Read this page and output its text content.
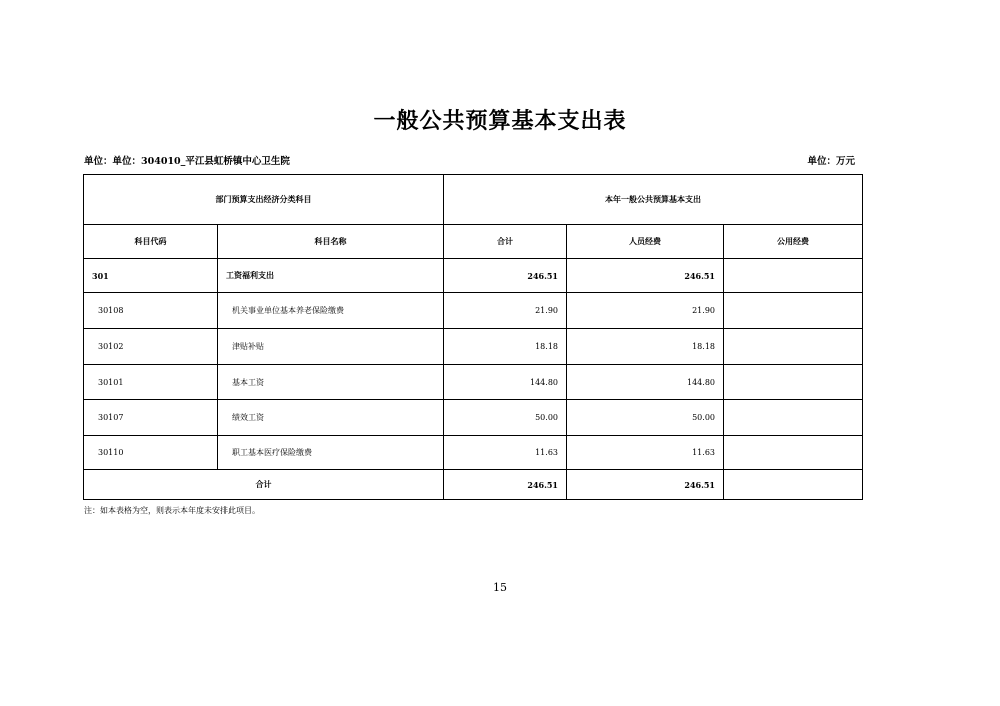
一般公共预算基本支出表
单位：单位：304010_平江县虹桥镇中心卫生院	单位：万元
部门预算支出经济分类科目		本年一般公共预算基本支出		
科目代码	科目名称	合计	人员经费	公用经费
301	工资福利支出	246.51	246.51	
30108	机关事业单位基本养老保险缴费	21.90	21.90	
30102	津贴补贴	18.18	18.18	
30101	基本工资	144.80	144.80	
30107	绩效工资	50.00	50.00	
30110	职工基本医疗保险缴费	11.63	11.63	
合计		246.51	246.51	
注：如本表格为空，则表示本年度未安排此项目。
15
